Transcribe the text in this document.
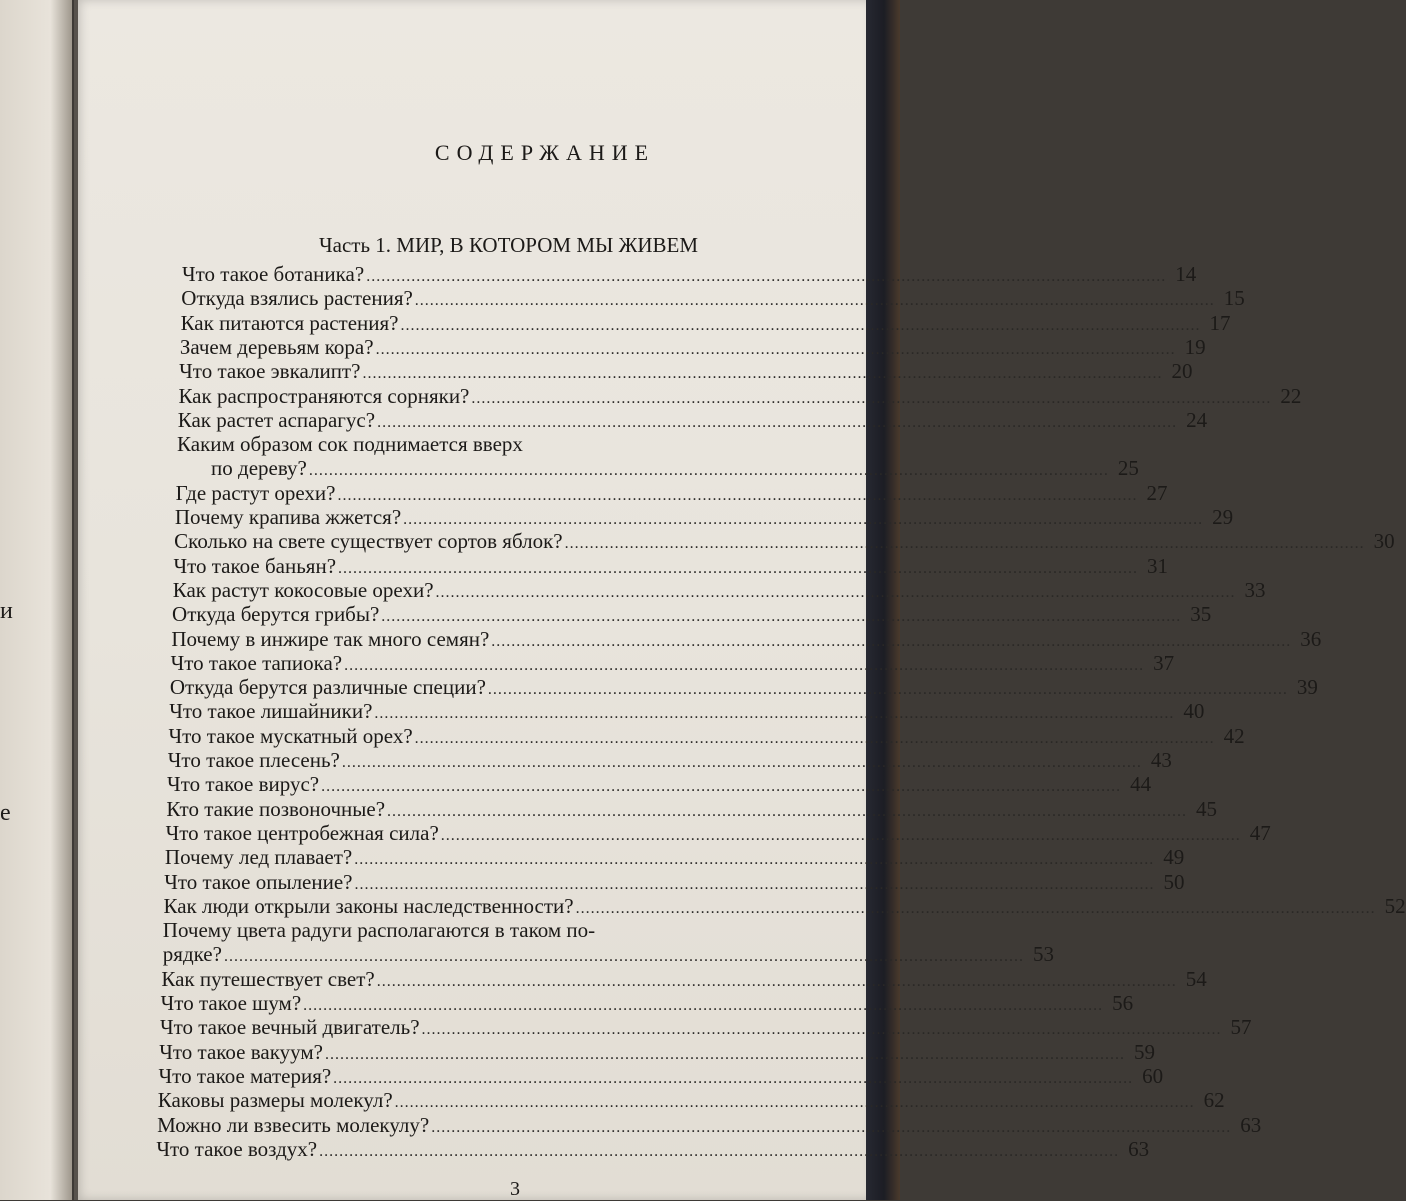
и
е
СОДЕРЖАНИЕ
Часть 1. МИР, В КОТОРОМ МЫ ЖИВЕМ
Что такое ботаника? ................................................................................................................................................................ 14
Откуда взялись растения? ................................................................................................................................................................ 15
Как питаются растения? ................................................................................................................................................................ 17
Зачем деревьям кора? ................................................................................................................................................................ 19
Что такое эвкалипт? ................................................................................................................................................................ 20
Как распространяются сорняки? ................................................................................................................................................................ 22
Как растет аспарагус? ................................................................................................................................................................ 24
Каким образом сок поднимается вверх
по дереву? ................................................................................................................................................................ 25
Где растут орехи? ................................................................................................................................................................ 27
Почему крапива жжется? ................................................................................................................................................................ 29
Сколько на свете существует сортов яблок? ................................................................................................................................................................ 30
Что такое баньян? ................................................................................................................................................................ 31
Как растут кокосовые орехи? ................................................................................................................................................................ 33
Откуда берутся грибы? ................................................................................................................................................................ 35
Почему в инжире так много семян? ................................................................................................................................................................ 36
Что такое тапиока? ................................................................................................................................................................ 37
Откуда берутся различные специи? ................................................................................................................................................................ 39
Что такое лишайники? ................................................................................................................................................................ 40
Что такое мускатный орех? ................................................................................................................................................................ 42
Что такое плесень? ................................................................................................................................................................ 43
Что такое вирус? ................................................................................................................................................................ 44
Кто такие позвоночные? ................................................................................................................................................................ 45
Что такое центробежная сила? ................................................................................................................................................................ 47
Почему лед плавает? ................................................................................................................................................................ 49
Что такое опыление? ................................................................................................................................................................ 50
Как люди открыли законы наследственности? ................................................................................................................................................................ 52
Почему цвета радуги располагаются в таком по-
рядке? ................................................................................................................................................................ 53
Как путешествует свет? ................................................................................................................................................................ 54
Что такое шум? ................................................................................................................................................................ 56
Что такое вечный двигатель? ................................................................................................................................................................ 57
Что такое вакуум? ................................................................................................................................................................ 59
Что такое материя? ................................................................................................................................................................ 60
Каковы размеры молекул? ................................................................................................................................................................ 62
Можно ли взвесить молекулу? ................................................................................................................................................................ 63
Что такое воздух? ................................................................................................................................................................ 63
3
